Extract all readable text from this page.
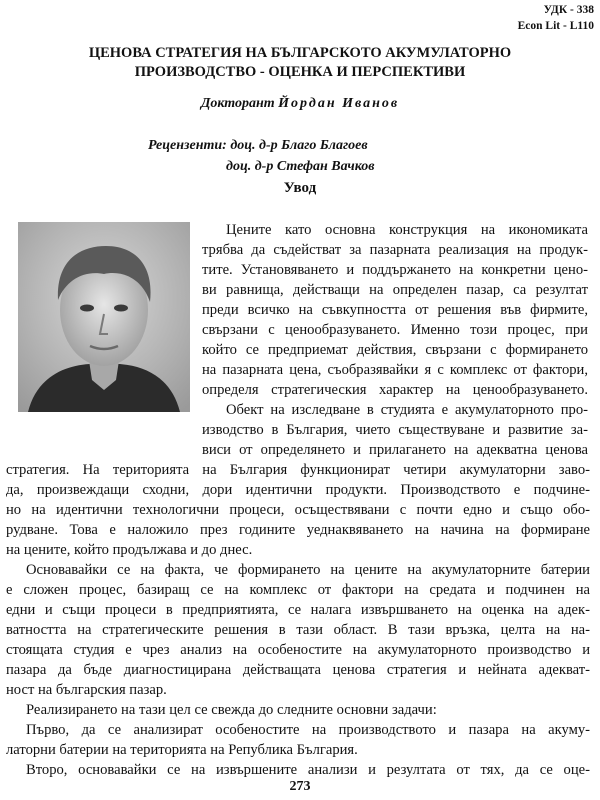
УДК - 338
Econ Lit - L110
ЦЕНОВА СТРАТЕГИЯ НА БЪЛГАРСКОТО АКУМУЛАТОРНО
ПРОИЗВОДСТВО - ОЦЕНКА И ПЕРСПЕКТИВИ
Докторант Йордан Иванов
Рецензенти: доц. д-р Благо Благоев
доц. д-р Стефан Вачков
Увод
Цените като основна конструкция на икономиката
трябва да съдействат за пазарната реализация на продук-
тите. Установяването и поддържането на конкретни цено-
ви равнища, действащи на определен пазар, са резултат
преди всичко на съвкупността от решения във фирмите,
свързани с ценообразуването. Именно този процес, при
който се предприемат действия, свързани с формирането
на пазарната цена, съобразявайки я с комплекс от фактори,
определя стратегическия характер на ценообразуването.
Обект на изследване в студията е акумулаторното про-
изводство в България, чието съществуване и развитие за-
виси от определянето и прилагането на адекватна ценова
стратегия. На територията на България функционират четири акумулаторни заво-
да, произвеждащи сходни, дори идентични продукти. Производството е подчине-
но на идентични технологични процеси, осъществявани с почти едно и също обо-
рудване. Това е наложило през годините уеднаквяването на начина на формиране
на цените, който продължава и до днес.
Основавайки се на факта, че формирането на цените на акумулаторните батерии
е сложен процес, базиращ се на комплекс от фактори на средата и подчинен на
едни и същи процеси в предприятията, се налага извършването на оценка на адек-
ватността на стратегическите решения в тази област. В тази връзка, целта на на-
стоящата студия е чрез анализ на особеностите на акумулаторното производство и
пазара да бъде диагностицирана действащата ценова стратегия и нейната адекват-
ност на българския пазар.
Реализирането на тази цел се свежда до следните основни задачи:
Първо, да се анализират особеностите на производството и пазара на акуму-
латорни батерии на територията на Република България.
Второ, основавайки се на извършените анализи и резултата от тях, да се оце-
273
